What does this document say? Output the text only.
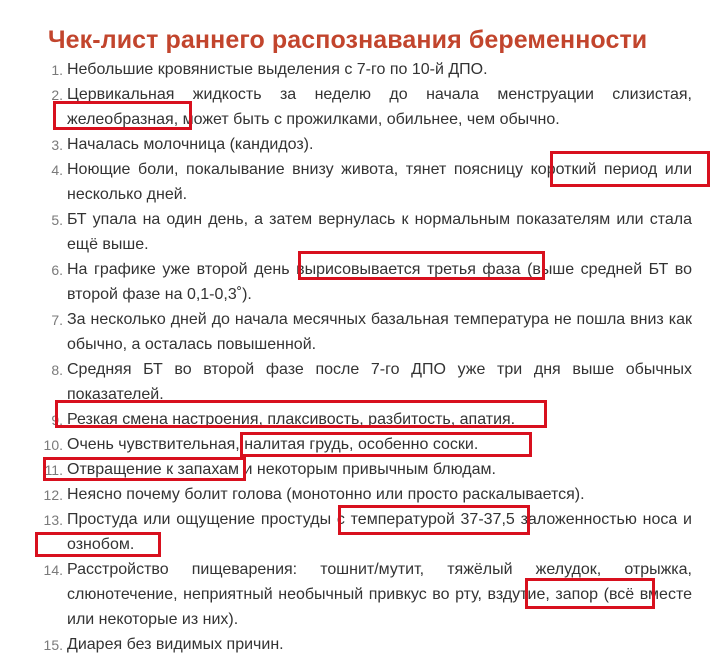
Чек-лист раннего распознавания беременности
1. Небольшие кровянистые выделения с 7-го по 10-й ДПО.
2. Цервикальная жидкость за неделю до начала менструации слизистая, желеобразная, может быть с прожилками, обильнее, чем обычно.
3. Началась молочница (кандидоз).
4. Ноющие боли, покалывание внизу живота, тянет поясницу короткий период или несколько дней.
5. БТ упала на один день, а затем вернулась к нормальным показателям или стала ещё выше.
6. На графике уже второй день вырисовывается третья фаза (выше средней БТ во второй фазе на 0,1-0,3˚).
7. За несколько дней до начала месячных базальная температура не пошла вниз как обычно, а осталась повышенной.
8. Средняя БТ во второй фазе после 7-го ДПО уже три дня выше обычных показателей.
9. Резкая смена настроения, плаксивость, разбитость, апатия.
10. Очень чувствительная, налитая грудь, особенно соски.
11. Отвращение к запахам и некоторым привычным блюдам.
12. Неясно почему болит голова (монотонно или просто раскалывается).
13. Простуда или ощущение простуды с температурой 37-37,5 заложенностью носа и ознобом.
14. Расстройство пищеварения: тошнит/мутит, тяжёлый желудок, отрыжка, слюнотечение, неприятный необычный привкус во рту, вздутие, запор (всё вместе или некоторые из них).
15. Диарея без видимых причин.
